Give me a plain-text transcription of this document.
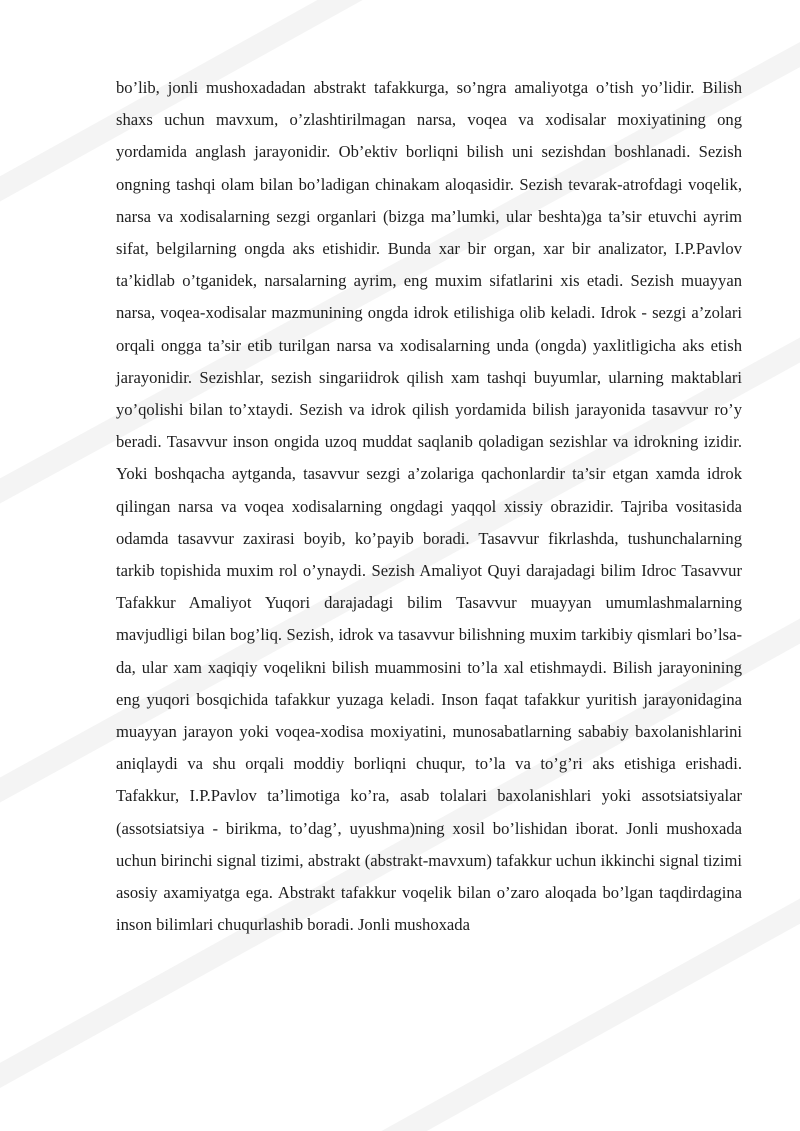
bo’lib, jonli mushoxadadan abstrakt tafakkurga, so’ngra amaliyotga o’tish yo’lidir. Bilish shaxs uchun mavxum, o’zlashtirilmagan narsa, voqea va xodisalar moxiyatining ong yordamida anglash jarayonidir. Ob’ektiv borliqni bilish uni sezishdan boshlanadi. Sezish ongning tashqi olam bilan bo’ladigan chinakam aloqasidir. Sezish tevarak-atrofdagi voqelik, narsa va xodisalarning sezgi organlari (bizga ma’lumki, ular beshta)ga ta’sir etuvchi ayrim sifat, belgilarning ongda aks etishidir. Bunda xar bir organ, xar bir analizator, I.P.Pavlov ta’kidlab o’tganidek, narsalarning ayrim, eng muxim sifatlarini xis etadi. Sezish muayyan narsa, voqea-xodisalar mazmunining ongda idrok etilishiga olib keladi. Idrok - sezgi a’zolari orqali ongga ta’sir etib turilgan narsa va xodisalarning unda (ongda) yaxlitligicha aks etish jarayonidir. Sezishlar, sezish singariidrok qilish xam tashqi buyumlar, ularning maktablari yo’qolishi bilan to’xtaydi. Sezish va idrok qilish yordamida bilish jarayonida tasavvur ro’y beradi. Tasavvur inson ongida uzoq muddat saqlanib qoladigan sezishlar va idrokning izidir. Yoki boshqacha aytganda, tasavvur sezgi a’zolariga qachonlardir ta’sir etgan xamda idrok qilingan narsa va voqea xodisalarning ongdagi yaqqol xissiy obrazidir. Tajriba vositasida odamda tasavvur zaxirasi boyib, ko’payib boradi. Tasavvur fikrlashda, tushunchalarning tarkib topishida muxim rol o’ynaydi. Sezish Amaliyot Quyi darajadagi bilim Idroc Tasavvur Tafakkur Amaliyot Yuqori darajadagi bilim Tasavvur muayyan umumlashmalarning mavjudligi bilan bog’liq. Sezish, idrok va tasavvur bilishning muxim tarkibiy qismlari bo’lsa-da, ular xam xaqiqiy voqelikni bilish muammosini to’la xal etishmaydi. Bilish jarayonining eng yuqori bosqichida tafakkur yuzaga keladi. Inson faqat tafakkur yuritish jarayonidagina muayyan jarayon yoki voqea-xodisa moxiyatini, munosabatlarning sababiy baxolanishlarini aniqlaydi va shu orqali moddiy borliqni chuqur, to’la va to’g’ri aks etishiga erishadi. Tafakkur, I.P.Pavlov ta’limotiga ko’ra, asab tolalari baxolanishlari yoki assotsiatsiyalar (assotsiatsiya - birikma, to’dag’, uyushma)ning xosil bo’lishidan iborat. Jonli mushoxada uchun birinchi signal tizimi, abstrakt (abstrakt-mavxum) tafakkur uchun ikkinchi signal tizimi asosiy axamiyatga ega. Abstrakt tafakkur voqelik bilan o’zaro aloqada bo’lgan taqdirdagina inson bilimlari chuqurlashib boradi. Jonli mushoxada
